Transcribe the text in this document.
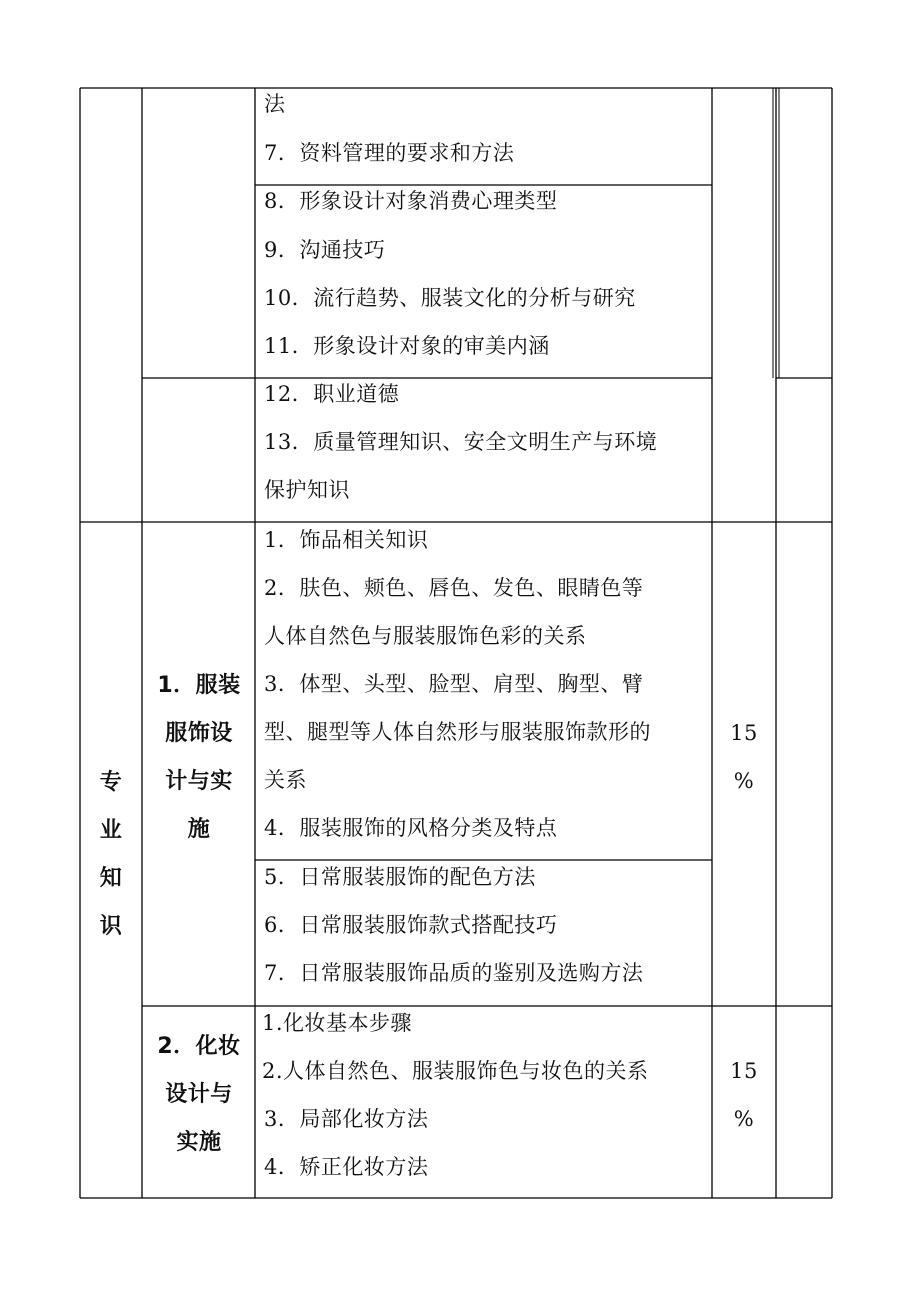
法
7．资料管理的要求和方法
8．形象设计对象消费心理类型
9．沟通技巧
10．流行趋势、服装文化的分析与研究
11．形象设计对象的审美内涵
12．职业道德
13．质量管理知识、安全文明生产与环境
保护知识
专
业
知
识
1．服装
服饰设
计与实
施
1．饰品相关知识
2．肤色、颊色、唇色、发色、眼睛色等
人体自然色与服装服饰色彩的关系
3．体型、头型、脸型、肩型、胸型、臂
型、腿型等人体自然形与服装服饰款形的
关系
4．服装服饰的风格分类及特点
5．日常服装服饰的配色方法
6．日常服装服饰款式搭配技巧
7．日常服装服饰品质的鉴别及选购方法
15
%
2．化妆
设计与
实施
1.化妆基本步骤
2.人体自然色、服装服饰色与妆色的关系
3．局部化妆方法
4．矫正化妆方法
15
%
